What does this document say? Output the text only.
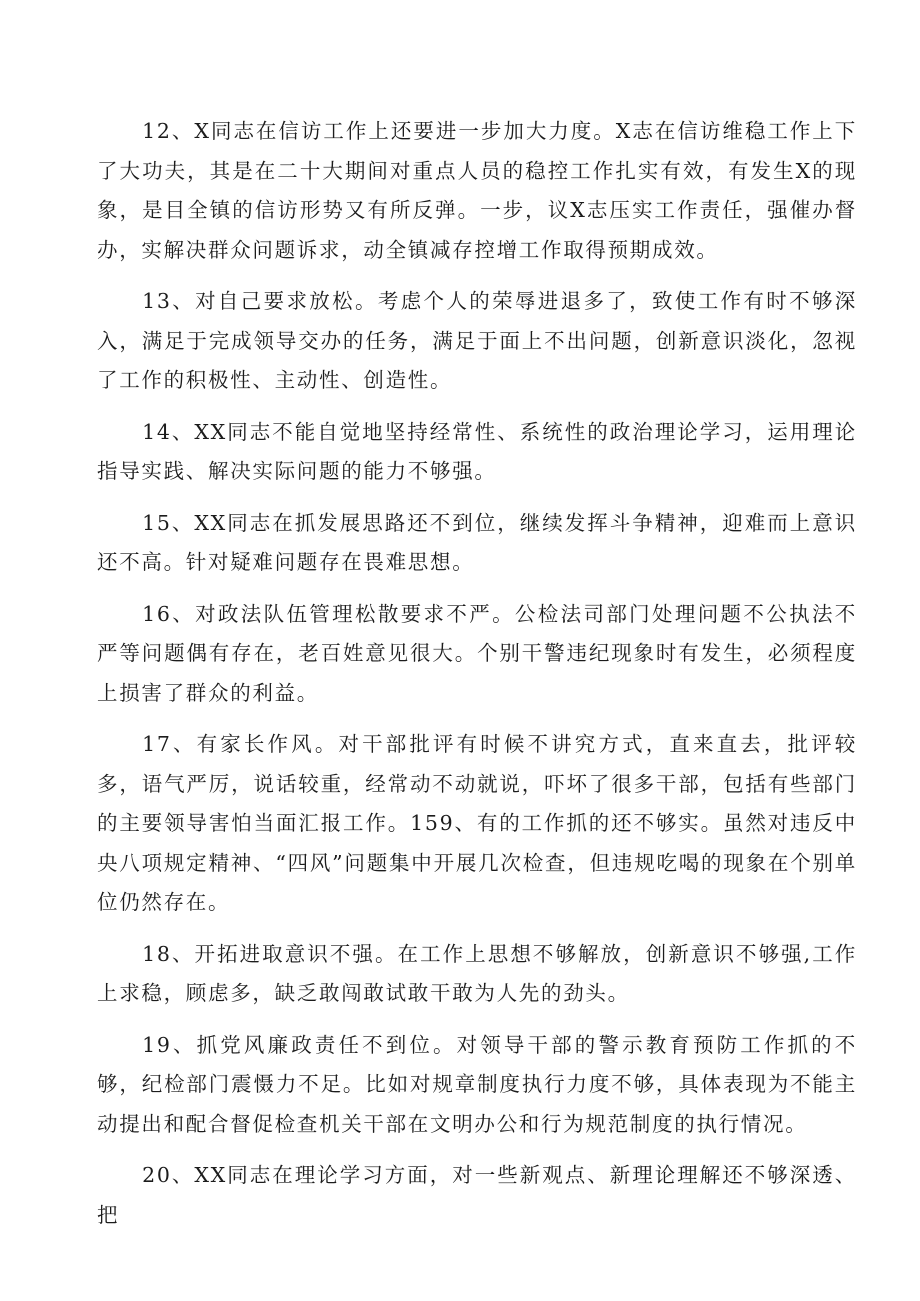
12、X同志在信访工作上还要进一步加大力度。X志在信访维稳工作上下了大功夫，其是在二十大期间对重点人员的稳控工作扎实有效，有发生X的现象，是目全镇的信访形势又有所反弹。一步，议X志压实工作责任，强催办督办，实解决群众问题诉求，动全镇减存控增工作取得预期成效。

13、对自己要求放松。考虑个人的荣辱进退多了，致使工作有时不够深入，满足于完成领导交办的任务，满足于面上不出问题，创新意识淡化，忽视了工作的积极性、主动性、创造性。

14、XX同志不能自觉地坚持经常性、系统性的政治理论学习，运用理论指导实践、解决实际问题的能力不够强。

15、XX同志在抓发展思路还不到位，继续发挥斗争精神，迎难而上意识还不高。针对疑难问题存在畏难思想。

16、对政法队伍管理松散要求不严。公检法司部门处理问题不公执法不严等问题偶有存在，老百姓意见很大。个别干警违纪现象时有发生，必须程度上损害了群众的利益。

17、有家长作风。对干部批评有时候不讲究方式，直来直去，批评较多，语气严厉，说话较重，经常动不动就说，吓坏了很多干部，包括有些部门的主要领导害怕当面汇报工作。159、有的工作抓的还不够实。虽然对违反中央八项规定精神、“四风”问题集中开展几次检查，但违规吃喝的现象在个别单位仍然存在。

18、开拓进取意识不强。在工作上思想不够解放，创新意识不够强,工作上求稳，顾虑多，缺乏敢闯敢试敢干敢为人先的劲头。

19、抓党风廉政责任不到位。对领导干部的警示教育预防工作抓的不够，纪检部门震慑力不足。比如对规章制度执行力度不够，具体表现为不能主动提出和配合督促检查机关干部在文明办公和行为规范制度的执行情况。

20、XX同志在理论学习方面，对一些新观点、新理论理解还不够深透、把
